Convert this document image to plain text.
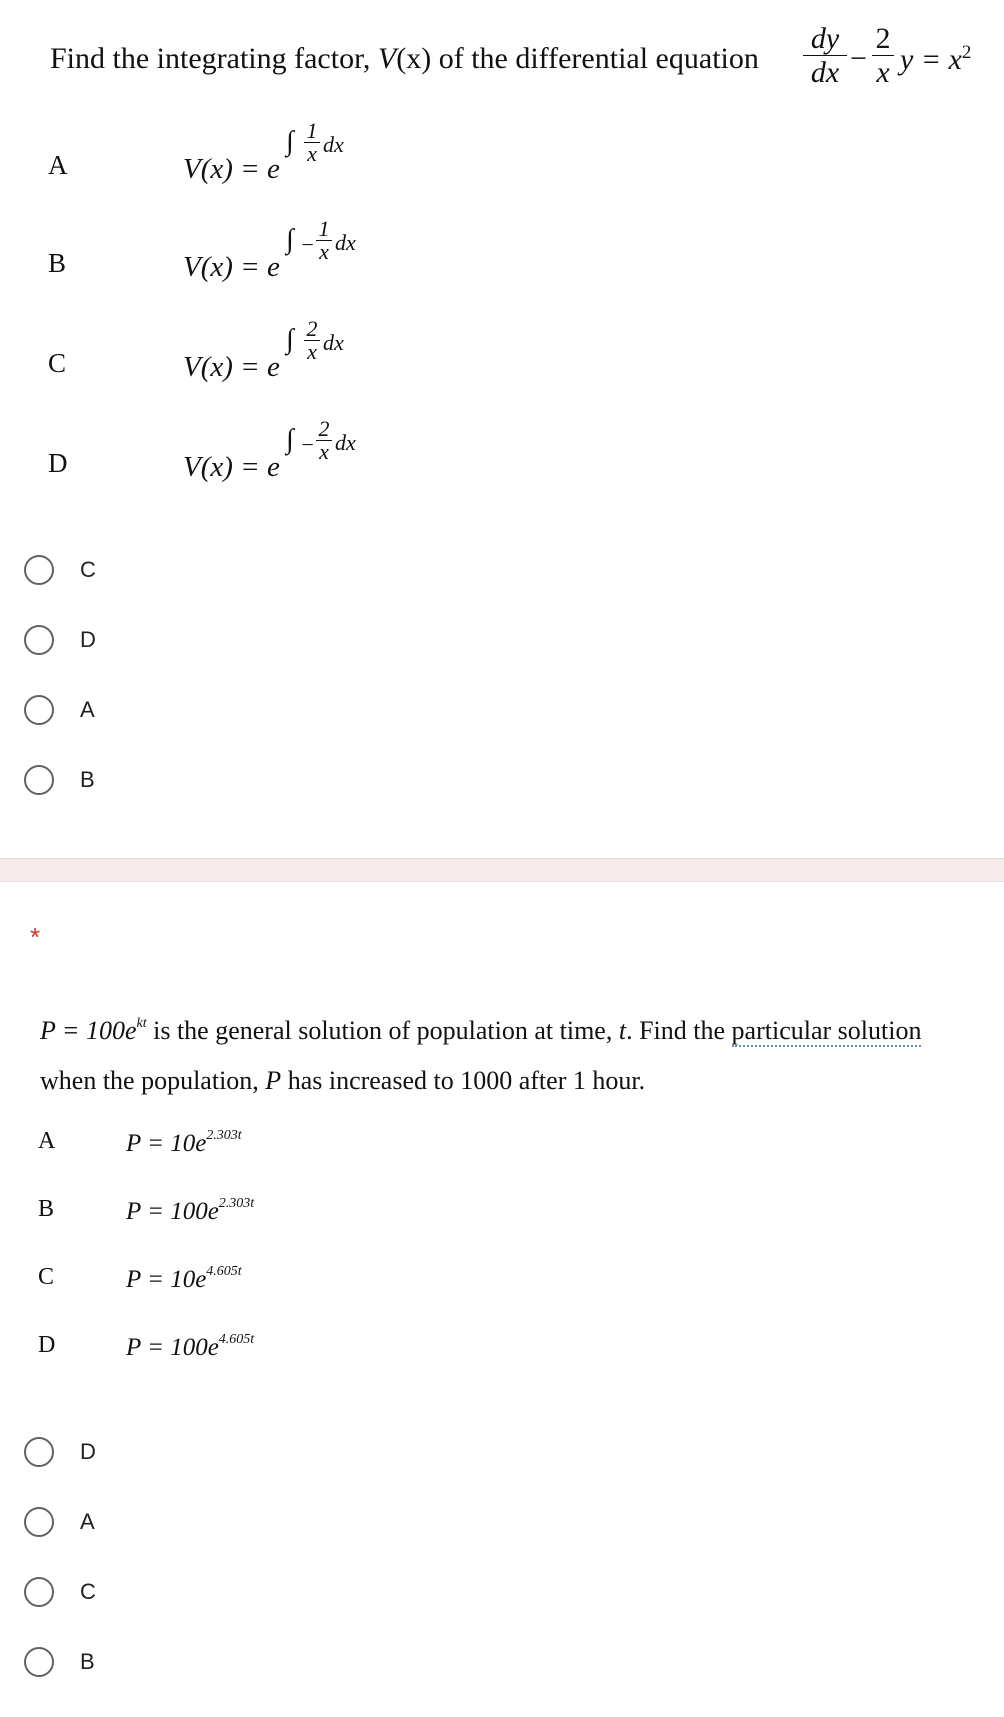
Find the integrating factor, V(x) of the differential equation $\frac{dy}{dx} - \frac{2}{x}$ $y = x^2$
A	V(x) = e
∫ 1
x dx
B	V(x) = e
∫ −
1
x dx
C	V(x) = e
∫ 2
x dx
D	V(x) = e
∫ −
2
x dx
C
D
A
B
*
$P = 100e^{kt}$ is the general solution of population at time, t. Find the particular solution
when the population, P has increased to 1000 after 1 hour.
A	$P = 10e^{2.303t}$
B	$P = 100e^{2.303t}$
C	$P = 10e^{4.605t}$
D	$P = 100e^{4.605t}$
D
A
C
B
